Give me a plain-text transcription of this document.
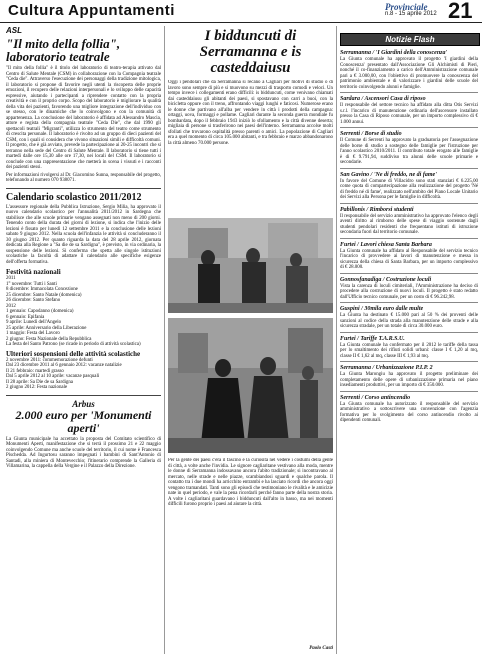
Cultura Appuntamenti	Provinciale
n.8 - 15 aprile 2012 21
ASL
"Il mito della follia", laboratorio teatrale

"Il mito della follia" è il titolo del laboratorio di teatro-terapia attivato dal Centro di Salute Mentale (CSM) in collaborazione con la Compagnia teatrale "Ceda die". Attraverso l'esecuzione dei personaggi della tradizione mitologica, il laboratorio si propone di favorire negli utenti la riscoperta delle proprie emozioni, il recupero delle relazioni interpersonali e lo sviluppo delle capacità espressive, aiutando i partecipanti a riprendere contatto con la propria creatività e con il proprio corpo. Scopo del laboratorio è migliorare la qualità della vita dei pazienti, favorendo una migliore integrazione dell'individuo con se stesso, con le dinamiche che lo coinvolgono e con la comunità di appartenenza. La conclusione del laboratorio è affidata ad Alessandro Mascia, attore e regista della compagnia teatrale "Ceda Die", che dal 1990 gli spettacoli teatrali "Migranti", utilizza lo strumento del teatro come strumento di crescita personale. Il laboratorio è rivolto ad un gruppo di dieci pazienti del CSM, con i quali si considera che vivono situazioni simili e difficoltà comuni. Il progetto, che è già avviato, prevede la partecipazione ai 20-25 incontri che si terranno nella sede del Centro di Salute Mentale. Il laboratorio si tiene tutti i martedì dalle ore 15,30 alle ore 17,30, nei locali del CSM. Il laboratorio si conclude con una rappresentazione che metterà in scena i vissuti e i racconti dei pazienti stessi.

Per informazioni rivolgersi al Dr. Giacomino Sunna, responsabile del progetto, telefonando al numero 070 938071.

Calendario scolastico 2011/2012

L'assessore regionale della Pubblica Istruzione, Sergio Milia, ha approvato il nuovo calendario scolastico per l'annualità 2011/2012 in Sardegna che stabilisce che alle scuole primarie vengano assegnati non meno di 200 giorni. Tenendo conto della durata dei giorni di lezione, si indica che l'inizio delle lezioni è fissato per lunedì 12 settembre 2011 e la conclusione delle lezioni sabato 9 giugno 2012. Nella scuola dell'infanzia le attività si concluderanno il 30 giugno 2012. Per quanto riguarda la data del 28 aprile 2012, giornata dedicata alla Regione a "Sa die de sa Sardigna", è previsto, in via ordinaria, la sospensione delle lezioni. Si conferma che spetta alle singole istituzioni scolastiche la facoltà di adattare il calendario alle specifiche esigenze dell'offerta formativa.

Festività nazionali

2011
1° novembre: Tutti i Santi
8 dicembre: Immacolata Concezione
25 dicembre: Santo Natale (domenica)
26 dicembre: Santo Stefano
2012
1 gennaio: Capodanno (domenica)
6 gennaio: Epifania
9 aprile: Lunedì dell'Angelo
25 aprile: Anniversario della Liberazione
1 maggio: Festa del Lavoro
2 giugno: Festa Nazionale della Repubblica
La festa del Santo Patrono (se ricade in periodo di attività scolastica)

Ulteriori sospensioni delle attività scolastiche

2 novembre 2011: commemorazione defunti
Dal 23 dicembre 2011 al 6 gennaio 2012: vacanze natalizie
Il 21 febbraio: martedì grasso
Dal 5 aprile 2012 al 10 aprile: vacanze pasquali
Il 28 aprile: Sa Die de sa Sardigna
2 giugno 2012: Festa nazionale

Arbus
2.000 euro per 'Monumenti aperti'

La Giunta municipale ha accettato la proposta del Comitato scientifico di Monumenti Aperti, manifestazione che si terrà il prossimo 21 e 22 maggio coinvolgendo Comune ma anche scuole del territorio, il cui nome è Francesca Pischedda. Ad Ingurtosu saranno impegnati i bambini di Sant'Antonio di Santadi, alla miniera di Montevecchio; l'itinerario comprende la Galleria di Villamarina, la cappella della Vergine e il Palazzo della Direzione.

I bidduncuti di Serramanna e is casteddaiusu

Oggi i pendolari che da Serramanna si recano a Cagliari per motivi di studio o di lavoro sono sempre di più e si muovono su mezzi di trasporto comodi e veloci. Un tempo invece i collegamenti erano difficili: is bidduncuti, come venivano chiamati dai casteddaiusu gli abitanti dei paesi, si spostavano con carri a buoi, con la bicicletta oppure con il treno, affrontando viaggi lunghi e faticosi. Numerose erano le donne che partivano all'alba per vendere in città i prodotti della campagna: ortaggi, uova, formaggi e pollame. Cagliari durante la seconda guerra mondiale fu bombardata, dopo il febbraio 1943 iniziò lo sfollamento e la città divenne deserta; migliaia di persone si trasferirono nei paesi dell'interno. Serramanna accolse molti sfollati che trovarono ospitalità presso parenti o amici. La popolazione di Cagliari era a quel momento di circa 105.000 abitanti, e tra febbraio e marzo abbandonarono la città almeno 70.000 persone.

Per la gente dei paesi c'era il fascino e la curiosità nel vedere i costumi della gente di città, a volte anche l'invidia. Le signore cagliaritane vestivano alla moda, mentre le donne di Serramanna indossavano ancora l'abito tradizionale; si incontravano al mercato, nelle strade e nelle piazze, scambiandosi sguardi e qualche parola. Il contatto tra i due mondi ha arricchito entrambi e ha lasciato ricordi che ancora oggi vengono tramandati. Tanti sono gli episodi che testimoniano le rivalità e le amicizie nate in quel periodo, e vale la pena ricordarli perché fanno parte della nostra storia. A volte i cagliaritani guardavano i bidduncuti dall'alto in basso, ma nei momenti difficili furono proprio i paesi ad aiutare la città.

Paolo Casti
Notizie Flash

Serramanna / 'I Giardini della conoscenza'

La Giunta comunale ha approvato il progetto 'I giardini della Conoscenza' presentato dall'Associazione Gli Alchimisti di Pieri, nonché il co-finanziamento a carico dell'Amministrazione comunale pari a € 3.000,00, con l'obiettivo di promuovere la conoscenza del patrimonio ambientale e di valorizzare i giardini delle scuole del territorio coinvolgendo alunni e famiglie.

Sardara / Ascensori Casa di riposo

Il responsabile del settore tecnico ha affidato alla ditta Otis Servizi s.r.l. l'incarico di manutenzione ordinaria dell'ascensore installato presso la Casa di Riposo comunale, per un importo complessivo di € 1.000 annui.

Serrenti / Borse di studio

Il Comune di Serrenti ha approvato la graduatoria per l'assegnazione delle borse di studio a sostegno delle famiglie per l'istruzione per l'anno scolastico 2010/2011. Il contributo totale erogato alle famiglie è di € 9.791,94, suddiviso tra alunni delle scuole primarie e secondarie.

San Gavino / 'Ne di freddo, ne di fame'

In favore del Comune di Villacidro sono stati stanziati € 6.225,00 come quota di compartecipazione alla realizzazione del progetto 'Né di freddo né di fame', realizzato nell'ambito del Piano Locale Unitario dei Servizi alla Persona per le famiglie in difficoltà.

Pabillonis / Rimborsi studenti

Il responsabile del servizio amministrativo ha approvato l'elenco degli aventi diritto al rimborso delle spese di viaggio sostenute dagli studenti pendolari residenti che frequentano istituti di istruzione secondaria fuori dal territorio comunale.

Furtei / Lavori chiesa Santa Barbara

La Giunta comunale ha affidato al Responsabile del servizio tecnico l'incarico di provvedere ai lavori di manutenzione e messa in sicurezza della chiesa di Santa Barbara, per un importo complessivo di € 28.000.

Gonnosfanadiga / Costruzione loculi

Vista la carenza di loculi cimiteriali, l'Amministrazione ha deciso di procedere alla costruzione di nuovi loculi. Il progetto è stato redatto dall'Ufficio tecnico comunale, per un costo di € 96.242,98.

Guspini / 30mila euro dalle multe

La Giunta ha destinato € 15.000 pari al 50 % dei proventi delle sanzioni al codice della strada alla manutenzione delle strade e alla sicurezza stradale, per un totale di circa 30.000 euro.

Furtei / Tariffe T.A.R.S.U.

La Giunta comunale ha confermato per il 2012 le tariffe della tassa per lo smaltimento dei rifiuti solidi urbani: classe I € 1,20 al mq, classe II € 1,62 al mq, classe III € 1,93 al mq.

Serramanna / Urbanizzazione P.I.P. 2

La Giunta Marongiu ha approvato il progetto preliminare dei completamento delle opere di urbanizzazione primaria nel piano insediamenti produttivi, per un importo di € 350.000.

Serrenti / Corso antincendio

La Giunta comunale ha autorizzato il responsabile del servizio amministrativo a sottoscrivere una convenzione con l'agenzia formativa per lo svolgimento del corso antincendio rivolto ai dipendenti comunali.
